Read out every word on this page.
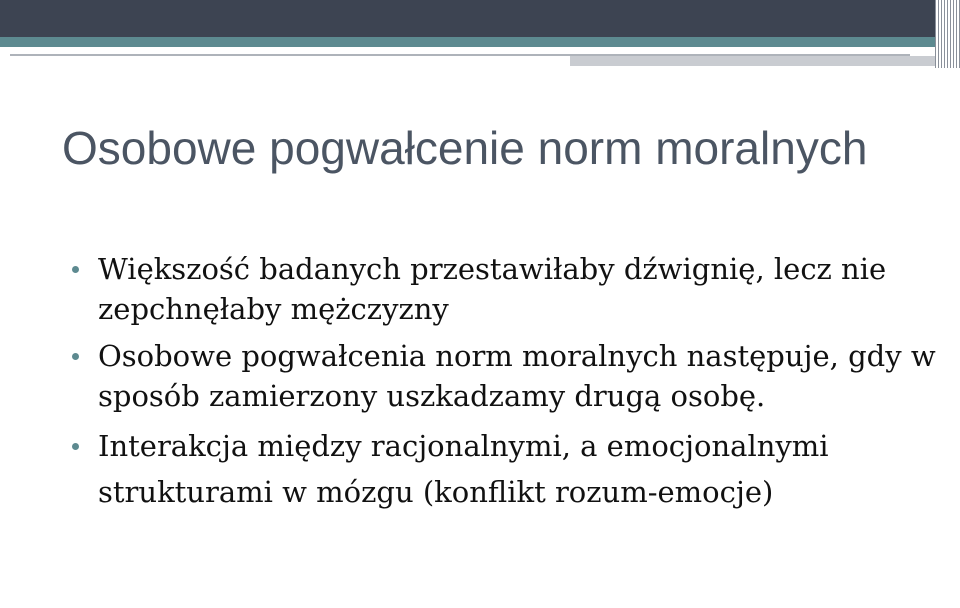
Osobowe pogwałcenie norm moralnych
Większość badanych przestawiłaby dźwignię, lecz nie zepchnęłaby mężczyzny
Osobowe pogwałcenia norm moralnych następuje, gdy w sposób zamierzony uszkadzamy drugą osobę.
Interakcja między racjonalnymi, a emocjonalnymi strukturami w mózgu (konflikt rozum-emocje)
